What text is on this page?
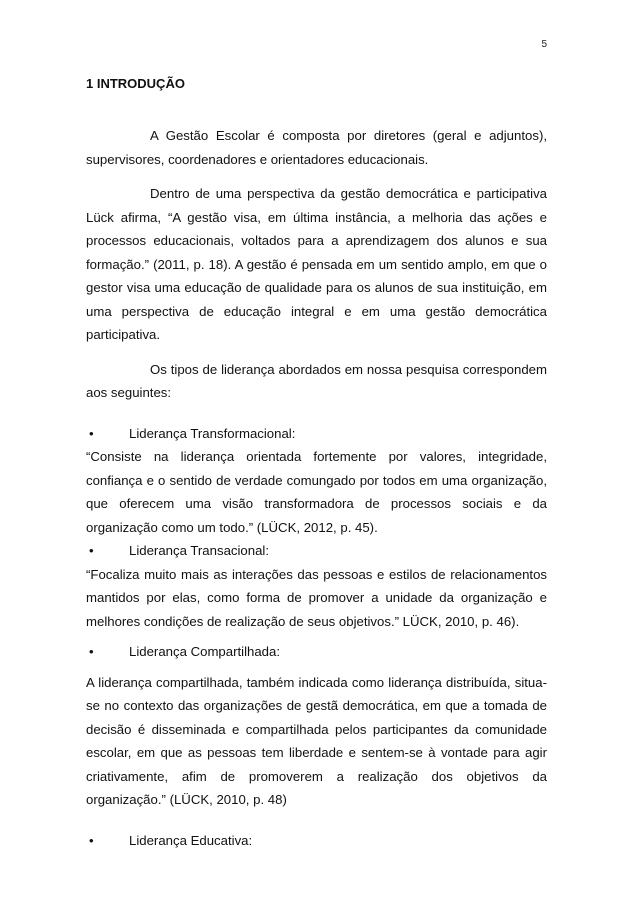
5
1 INTRODUÇÃO

A Gestão Escolar é composta por diretores (geral e adjuntos), supervisores, coordenadores e orientadores educacionais.

Dentro de uma perspectiva da gestão democrática e participativa Lück afirma, “A gestão visa, em última instância, a melhoria das ações e processos educacionais, voltados para a aprendizagem dos alunos e sua formação.” (2011, p. 18). A gestão é pensada em um sentido amplo, em que o gestor visa uma educação de qualidade para os alunos de sua instituição, em uma perspectiva de educação integral e em uma gestão democrática participativa.

Os tipos de liderança abordados em nossa pesquisa correspondem aos seguintes:

•	Liderança Transformacional:

“Consiste na liderança orientada fortemente por valores, integridade, confiança e o sentido de verdade comungado por todos em uma organização, que oferecem uma visão transformadora de processos sociais e da organização como um todo.” (LÜCK, 2012, p. 45).

•	Liderança Transacional:

“Focaliza muito mais as interações das pessoas e estilos de relacionamentos mantidos por elas, como forma de promover a unidade da organização e melhores condições de realização de seus objetivos.” LÜCK, 2010, p. 46).

•	Liderança Compartilhada:

A liderança compartilhada, também indicada como liderança distribuída, situa-se no contexto das organizações de gestã democrática, em que a tomada de decisão é disseminada e compartilhada pelos participantes da comunidade escolar, em que as pessoas tem liberdade e sentem-se à vontade para agir criativamente, afim de promoverem a realização dos objetivos da organização.” (LÜCK, 2010, p. 48)

•	Liderança Educativa:
